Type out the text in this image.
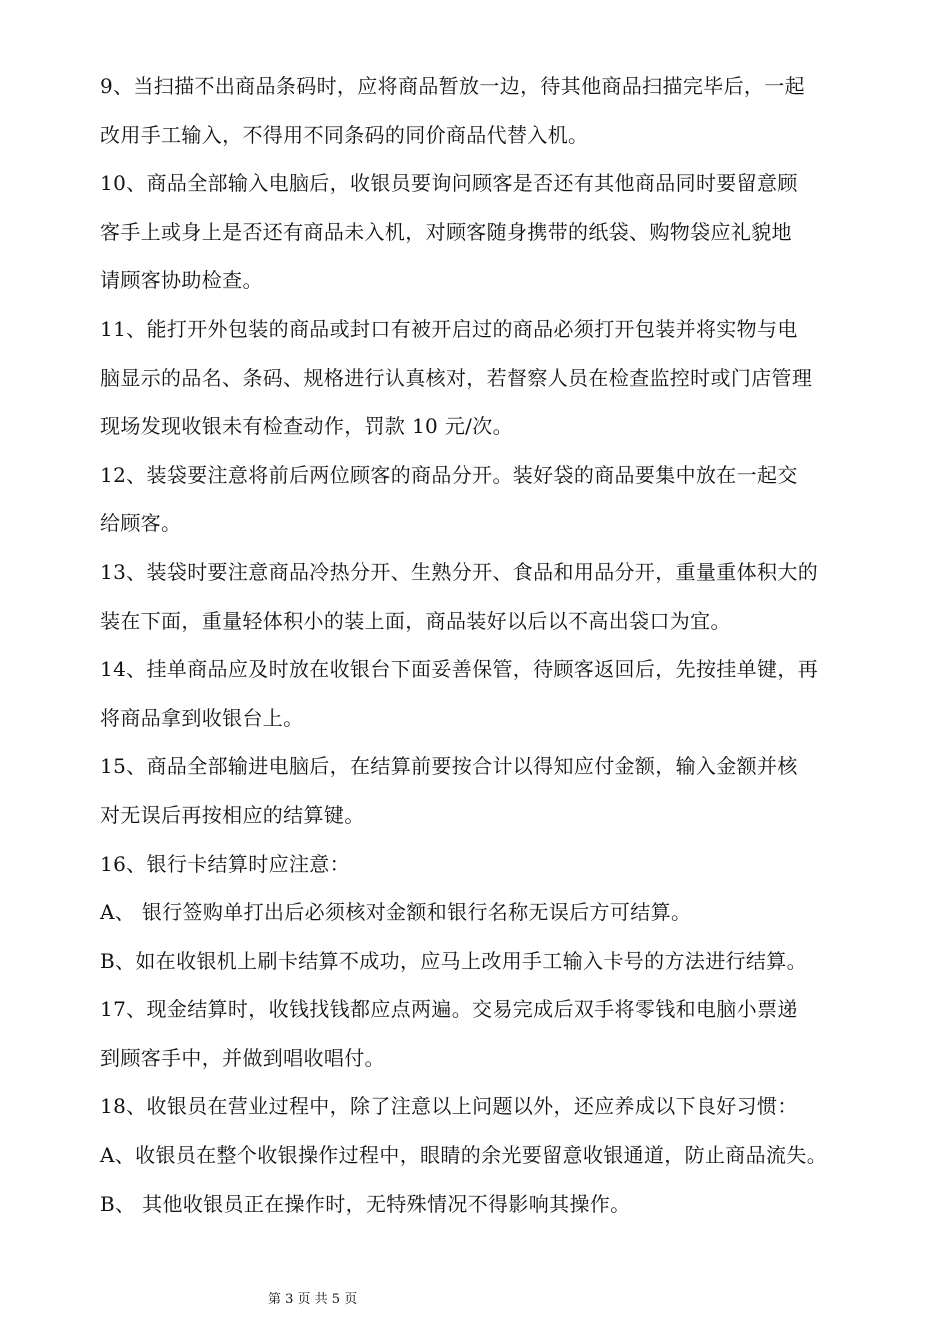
9、当扫描不出商品条码时，应将商品暂放一边，待其他商品扫描完毕后，一起
改用手工输入，不得用不同条码的同价商品代替入机。
10、商品全部输入电脑后，收银员要询问顾客是否还有其他商品同时要留意顾
客手上或身上是否还有商品未入机，对顾客随身携带的纸袋、购物袋应礼貌地
请顾客协助检查。
11、能打开外包装的商品或封口有被开启过的商品必须打开包装并将实物与电
脑显示的品名、条码、规格进行认真核对，若督察人员在检查监控时或门店管理
现场发现收银未有检查动作，罚款 10 元/次。
12、装袋要注意将前后两位顾客的商品分开。装好袋的商品要集中放在一起交
给顾客。
13、装袋时要注意商品冷热分开、生熟分开、食品和用品分开，重量重体积大的
装在下面，重量轻体积小的装上面，商品装好以后以不高出袋口为宜。
14、挂单商品应及时放在收银台下面妥善保管，待顾客返回后，先按挂单键，再
将商品拿到收银台上。
15、商品全部输进电脑后，在结算前要按合计以得知应付金额，输入金额并核
对无误后再按相应的结算键。
16、银行卡结算时应注意：
A、 银行签购单打出后必须核对金额和银行名称无误后方可结算。
B、如在收银机上刷卡结算不成功，应马上改用手工输入卡号的方法进行结算。
17、现金结算时，收钱找钱都应点两遍。交易完成后双手将零钱和电脑小票递
到顾客手中，并做到唱收唱付。
18、收银员在营业过程中，除了注意以上问题以外，还应养成以下良好习惯：
A、收银员在整个收银操作过程中，眼睛的余光要留意收银通道，防止商品流失。
B、 其他收银员正在操作时，无特殊情况不得影响其操作。
第 3 页 共 5 页
